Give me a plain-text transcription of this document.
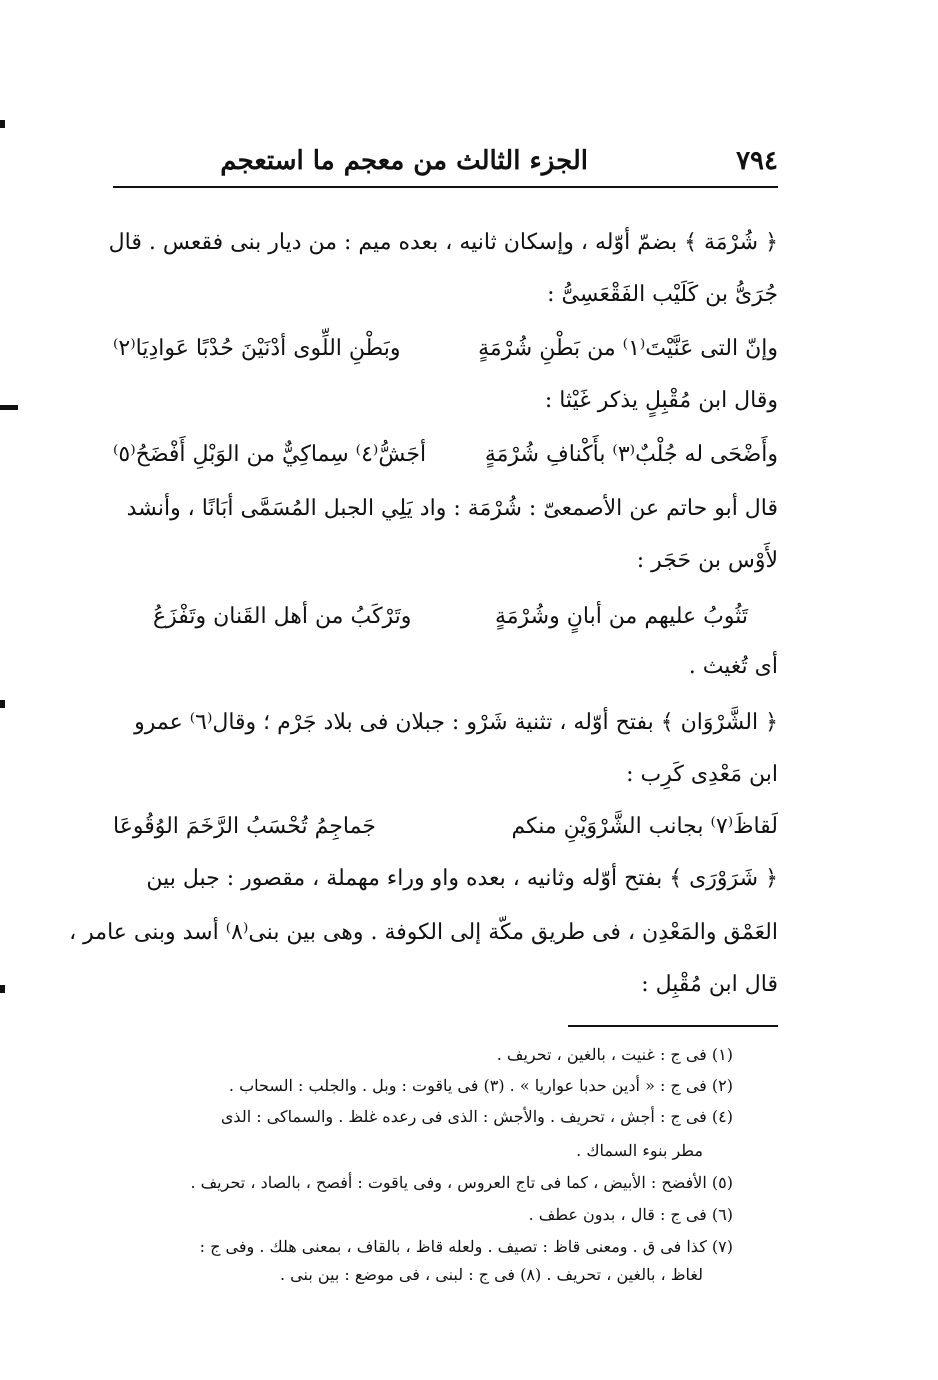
٧٩٤
الجزء الثالث من معجم ما استعجم
﴿ شُرْمَة ﴾ بضمّ أوّله ، وإسكان ثانيه ، بعده ميم : من ديار بنى فقعس . قال
جُرَىُّ بن كَلَيْب الفَقْعَسِىُّ :
وإنّ التى عَنَّيْتَ⁽١⁾ من بَطْنِ شُرْمَةٍ
وبَطْنِ اللِّوى أدْنَيْنَ حُدْبًا عَوادِيَا⁽٢⁾
وقال ابن مُقْبِلٍ يذكر غَيْثا :
وأَضْحَى له جُلْبٌ⁽٣⁾ بأَكْنافِ شُرْمَةٍ
أجَشُّ⁽٤⁾ سِماكِيٌّ من الوَبْلِ أَفْضَحُ⁽٥⁾
قال أبو حاتم عن الأصمعىّ : شُرْمَة : واد يَلِي الجبل المُسَمَّى أبَانًا ، وأنشد
لأَوْس بن حَجَر :
تَثُوبُ عليهم من أبانٍ وشُرْمَةٍ
وتَرْكَبُ من أهل القَنان وتَفْزَعُ
أى تُغيث .
﴿ الشَّرْوَان ﴾ بفتح أوّله ، تثنية شَرْو : جبلان فى بلاد جَرْم ؛ وقال⁽٦⁾ عمرو
ابن مَعْدِى كَرِب :
لَقاظَ⁽٧⁾ بجانب الشَّرْوَيْنِ منكم
جَماجِمُ تُحْسَبُ الرَّخَمَ الوُقُوعَا
﴿ شَرَوْرَى ﴾ بفتح أوّله وثانيه ، بعده واو وراء مهملة ، مقصور : جبل بين
العَمْق والمَعْدِن ، فى طريق مكّة إلى الكوفة . وهى بين بنى⁽٨⁾ أسد وبنى عامر ،
قال ابن مُقْبِل :
(١) فى ج : غنيت ، بالغين ، تحريف .
(٢) فى ج : « أدين حدبا عواريا » . (٣) فى ياقوت : وبل . والجلب : السحاب .
(٤) فى ج : أجش ، تحريف . والأجش : الذى فى رعده غلظ . والسماكى : الذى
مطر بنوء السماك .
(٥) الأفضح : الأبيض ، كما فى تاج العروس ، وفى ياقوت : أفصح ، بالصاد ، تحريف .
(٦) فى ج : قال ، بدون عطف .
(٧) كذا فى ق . ومعنى قاظ : تصيف . ولعله قاظ ، بالقاف ، بمعنى هلك . وفى ج :
لغاظ ، بالغين ، تحريف . (٨) فى ج : لبنى ، فى موضع : بين بنى .
